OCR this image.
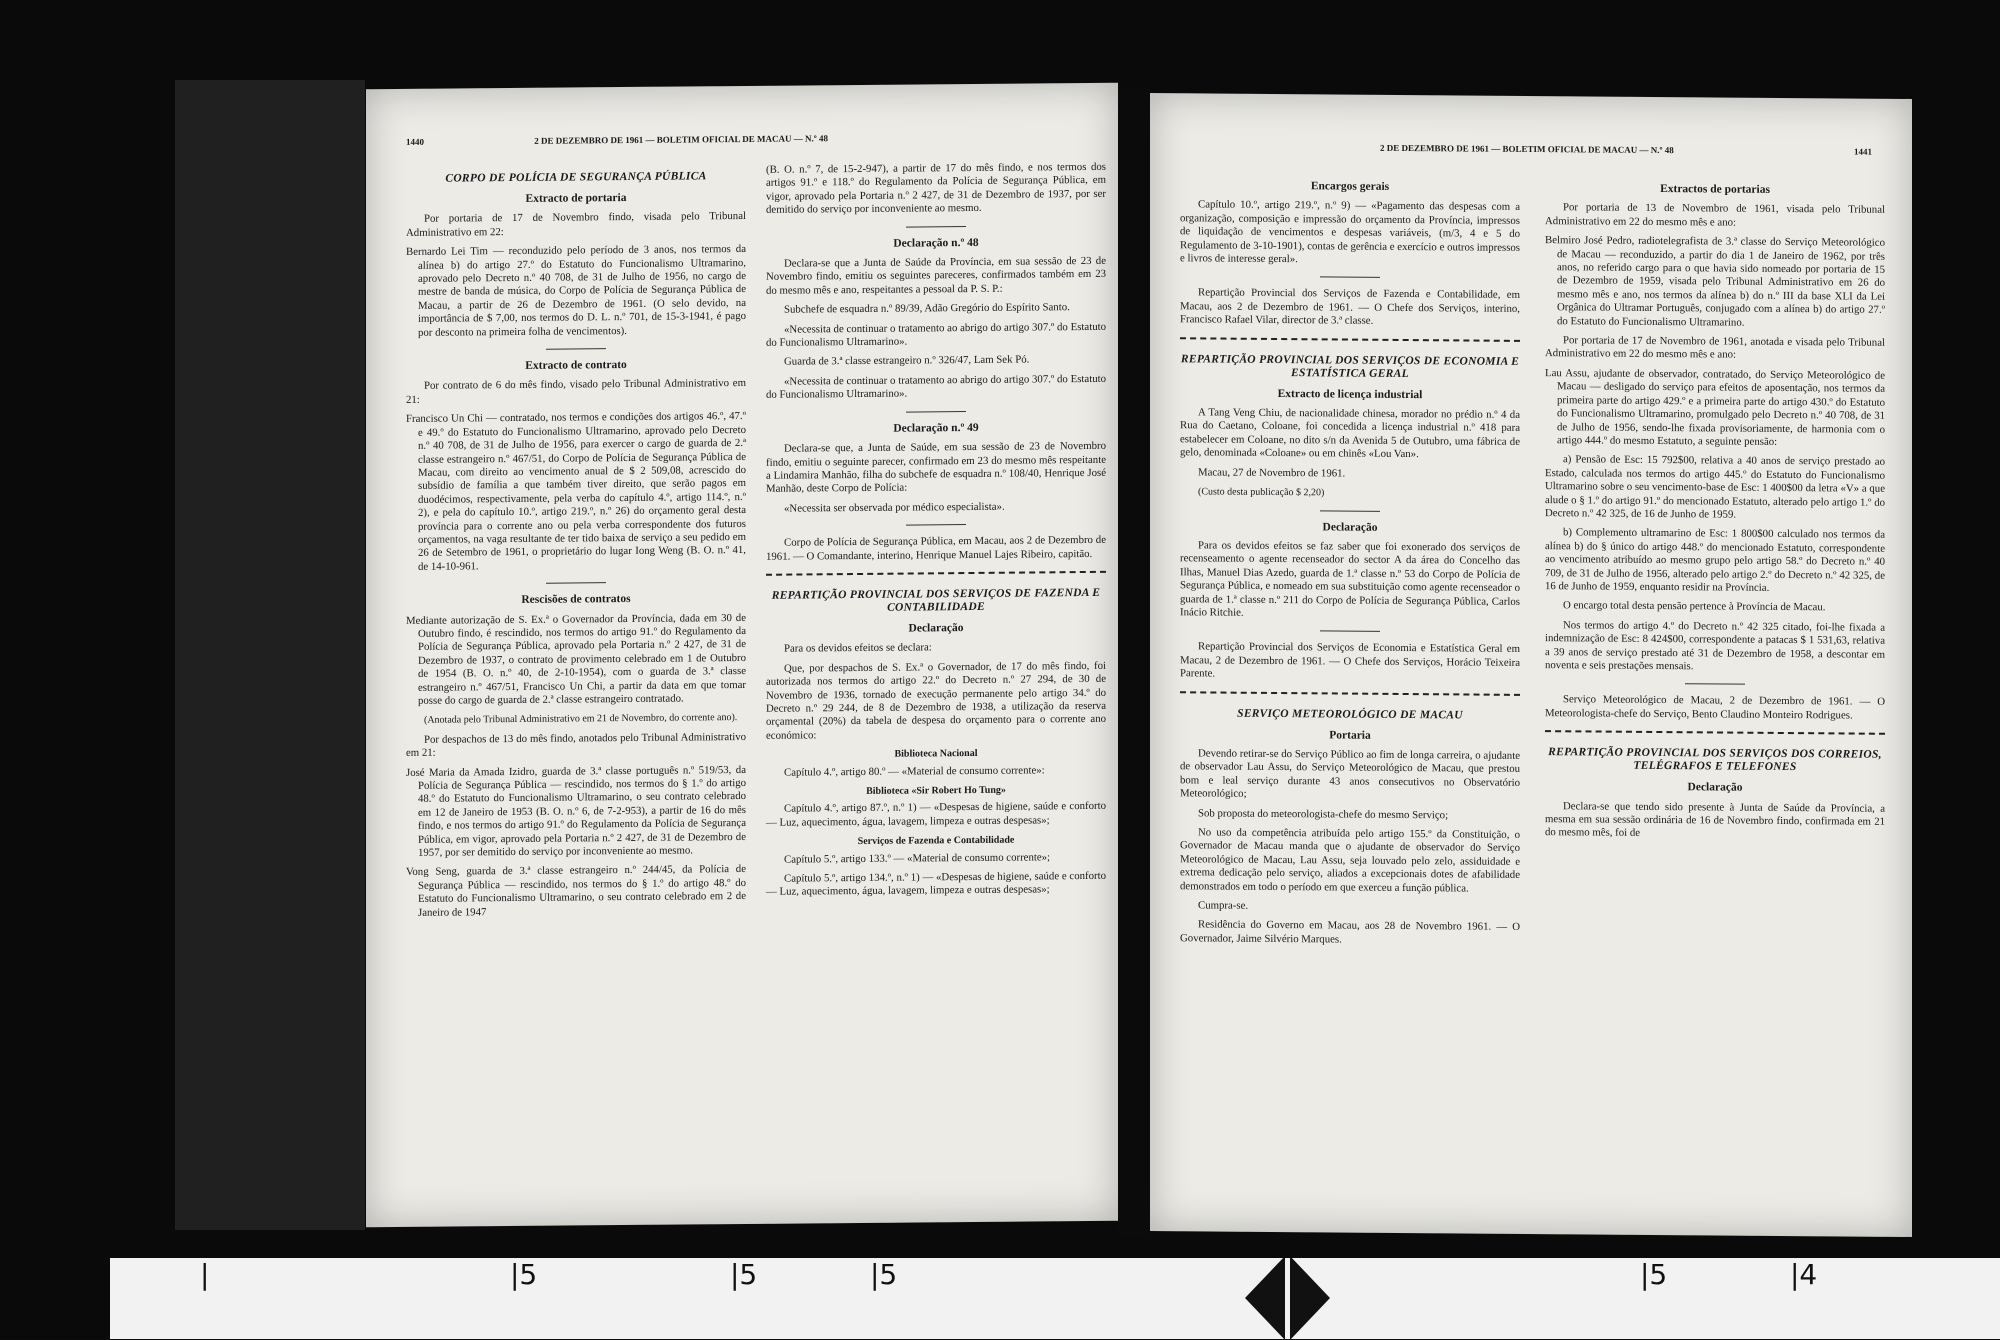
1440	2 DE DEZEMBRO DE 1961 — BOLETIM OFICIAL DE MACAU — N.º 48
CORPO DE POLÍCIA DE SEGURANÇA PÚBLICA
Extracto de portaria

Por portaria de 17 de Novembro findo, visada pelo Tribunal Administrativo em 22:

Bernardo Lei Tim — reconduzido pelo período de 3 anos, nos termos da alínea b) do artigo 27.º do Estatuto do Funcionalismo Ultramarino, aprovado pelo Decreto n.º 40 708, de 31 de Julho de 1956, no cargo de mestre de banda de música, do Corpo de Polícia de Segurança Pública de Macau, a partir de 26 de Dezembro de 1961. (O selo devido, na importância de $ 7,00, nos termos do D. L. n.º 701, de 15-3-1941, é pago por desconto na primeira folha de vencimentos).

Extracto de contrato

Por contrato de 6 do mês findo, visado pelo Tribunal Administrativo em 21:

Francisco Un Chi — contratado, nos termos e condições dos artigos 46.º, 47.º e 49.º do Estatuto do Funcionalismo Ultramarino, aprovado pelo Decreto n.º 40 708, de 31 de Julho de 1956, para exercer o cargo de guarda de 2.ª classe estrangeiro n.º 467/51, do Corpo de Polícia de Segurança Pública de Macau, com direito ao vencimento anual de $ 2 509,08, acrescido do subsídio de família a que também tiver direito, que serão pagos em duodécimos, respectivamente, pela verba do capítulo 4.º, artigo 114.º, n.º 2), e pela do capítulo 10.º, artigo 219.º, n.º 26) do orçamento geral desta província para o corrente ano ou pela verba correspondente dos futuros orçamentos, na vaga resultante de ter tido baixa de serviço a seu pedido em 26 de Setembro de 1961, o proprietário do lugar Iong Weng (B. O. n.º 41, de 14-10-961.

Rescisões de contratos

Mediante autorização de S. Ex.ª o Governador da Província, dada em 30 de Outubro findo, é rescindido, nos termos do artigo 91.º do Regulamento da Polícia de Segurança Pública, aprovado pela Portaria n.º 2 427, de 31 de Dezembro de 1937, o contrato de provimento celebrado em 1 de Outubro de 1954 (B. O. n.º 40, de 2-10-1954), com o guarda de 3.ª classe estrangeiro n.º 467/51, Francisco Un Chi, a partir da data em que tomar posse do cargo de guarda de 2.ª classe estrangeiro contratado.

(Anotada pelo Tribunal Administrativo em 21 de Novembro, do corrente ano).

Por despachos de 13 do mês findo, anotados pelo Tribunal Administrativo em 21:

José Maria da Amada Izidro, guarda de 3.ª classe português n.º 519/53, da Polícia de Segurança Pública — rescindido, nos termos do § 1.º do artigo 48.º do Estatuto do Funcionalismo Ultramarino, o seu contrato celebrado em 12 de Janeiro de 1953 (B. O. n.º 6, de 7-2-953), a partir de 16 do mês findo, e nos termos do artigo 91.º do Regulamento da Polícia de Segurança Pública, em vigor, aprovado pela Portaria n.º 2 427, de 31 de Dezembro de 1957, por ser demitido do serviço por inconveniente ao mesmo.

Vong Seng, guarda de 3.ª classe estrangeiro n.º 244/45, da Polícia de Segurança Pública — rescindido, nos termos do § 1.º do artigo 48.º do Estatuto do Funcionalismo Ultramarino, o seu contrato celebrado em 2 de Janeiro de 1947

(B. O. n.º 7, de 15-2-947), a partir de 17 do mês findo, e nos termos dos artigos 91.º e 118.º do Regulamento da Polícia de Segurança Pública, em vigor, aprovado pela Portaria n.º 2 427, de 31 de Dezembro de 1937, por ser demitido do serviço por inconveniente ao mesmo.

Declaração n.º 48

Declara-se que a Junta de Saúde da Província, em sua sessão de 23 de Novembro findo, emitiu os seguintes pareceres, confirmados também em 23 do mesmo mês e ano, respeitantes a pessoal da P. S. P.:

Subchefe de esquadra n.º 89/39, Adão Gregório do Espírito Santo.

«Necessita de continuar o tratamento ao abrigo do artigo 307.º do Estatuto do Funcionalismo Ultramarino».

Guarda de 3.ª classe estrangeiro n.º 326/47, Lam Sek Pó.

«Necessita de continuar o tratamento ao abrigo do artigo 307.º do Estatuto do Funcionalismo Ultramarino».

Declaração n.º 49

Declara-se que, a Junta de Saúde, em sua sessão de 23 de Novembro findo, emitiu o seguinte parecer, confirmado em 23 do mesmo mês respeitante a Lindamira Manhão, filha do subchefe de esquadra n.º 108/40, Henrique José Manhão, deste Corpo de Polícia:

«Necessita ser observada por médico especialista».

Corpo de Polícia de Segurança Pública, em Macau, aos 2 de Dezembro de 1961. — O Comandante, interino, Henrique Manuel Lajes Ribeiro, capitão.

REPARTIÇÃO PROVINCIAL DOS SERVIÇOS DE FAZENDA E CONTABILIDADE
Declaração

Para os devidos efeitos se declara:

Que, por despachos de S. Ex.ª o Governador, de 17 do mês findo, foi autorizada nos termos do artigo 22.º do Decreto n.º 27 294, de 30 de Novembro de 1936, tornado de execução permanente pelo artigo 34.º do Decreto n.º 29 244, de 8 de Dezembro de 1938, a utilização da reserva orçamental (20%) da tabela de despesa do orçamento para o corrente ano económico:

Biblioteca Nacional

Capítulo 4.º, artigo 80.º — «Material de consumo corrente»:

Biblioteca «Sir Robert Ho Tung»

Capítulo 4.º, artigo 87.º, n.º 1) — «Despesas de higiene, saúde e conforto — Luz, aquecimento, água, lavagem, limpeza e outras despesas»;

Serviços de Fazenda e Contabilidade

Capítulo 5.º, artigo 133.º — «Material de consumo corrente»;

Capítulo 5.º, artigo 134.º, n.º 1) — «Despesas de higiene, saúde e conforto — Luz, aquecimento, água, lavagem, limpeza e outras despesas»;

2 DE DEZEMBRO DE 1961 — BOLETIM OFICIAL DE MACAU — N.º 48	1441
Encargos gerais

Capítulo 10.º, artigo 219.º, n.º 9) — «Pagamento das despesas com a organização, composição e impressão do orçamento da Província, impressos de liquidação de vencimentos e despesas variáveis, (m/3, 4 e 5 do Regulamento de 3-10-1901), contas de gerência e exercício e outros impressos e livros de interesse geral».

Repartição Provincial dos Serviços de Fazenda e Contabilidade, em Macau, aos 2 de Dezembro de 1961. — O Chefe dos Serviços, interino, Francisco Rafael Vilar, director de 3.ª classe.

REPARTIÇÃO PROVINCIAL DOS SERVIÇOS DE ECONOMIA E ESTATÍSTICA GERAL
Extracto de licença industrial

A Tang Veng Chiu, de nacionalidade chinesa, morador no prédio n.º 4 da Rua do Caetano, Coloane, foi concedida a licença industrial n.º 418 para estabelecer em Coloane, no dito s/n da Avenida 5 de Outubro, uma fábrica de gelo, denominada «Coloane» ou em chinês «Lou Van».

Macau, 27 de Novembro de 1961.

(Custo desta publicação $ 2,20)

Declaração

Para os devidos efeitos se faz saber que foi exonerado dos serviços de recenseamento o agente recenseador do sector A da área do Concelho das Ilhas, Manuel Dias Azedo, guarda de 1.ª classe n.º 53 do Corpo de Polícia de Segurança Pública, e nomeado em sua substituição como agente recenseador o guarda de 1.ª classe n.º 211 do Corpo de Polícia de Segurança Pública, Carlos Inácio Ritchie.

Repartição Provincial dos Serviços de Economia e Estatística Geral em Macau, 2 de Dezembro de 1961. — O Chefe dos Serviços, Horácio Teixeira Parente.

SERVIÇO METEOROLÓGICO DE MACAU
Portaria

Devendo retirar-se do Serviço Público ao fim de longa carreira, o ajudante de observador Lau Assu, do Serviço Meteorológico de Macau, que prestou bom e leal serviço durante 43 anos consecutivos no Observatório Meteorológico;

Sob proposta do meteorologista-chefe do mesmo Serviço;

No uso da competência atribuída pelo artigo 155.º da Constituição, o Governador de Macau manda que o ajudante de observador do Serviço Meteorológico de Macau, Lau Assu, seja louvado pelo zelo, assiduidade e extrema dedicação pelo serviço, aliados a excepcionais dotes de afabilidade demonstrados em todo o período em que exerceu a função pública.

Cumpra-se.

Residência do Governo em Macau, aos 28 de Novembro 1961. — O Governador, Jaime Silvério Marques.

Extractos de portarias

Por portaria de 13 de Novembro de 1961, visada pelo Tribunal Administrativo em 22 do mesmo mês e ano:

Belmiro José Pedro, radiotelegrafista de 3.ª classe do Serviço Meteorológico de Macau — reconduzido, a partir do dia 1 de Janeiro de 1962, por três anos, no referido cargo para o que havia sido nomeado por portaria de 15 de Dezembro de 1959, visada pelo Tribunal Administrativo em 26 do mesmo mês e ano, nos termos da alínea b) do n.º III da base XLI da Lei Orgânica do Ultramar Português, conjugado com a alínea b) do artigo 27.º do Estatuto do Funcionalismo Ultramarino.

Por portaria de 17 de Novembro de 1961, anotada e visada pelo Tribunal Administrativo em 22 do mesmo mês e ano:

Lau Assu, ajudante de observador, contratado, do Serviço Meteorológico de Macau — desligado do serviço para efeitos de aposentação, nos termos da primeira parte do artigo 429.º e a primeira parte do artigo 430.º do Estatuto do Funcionalismo Ultramarino, promulgado pelo Decreto n.º 40 708, de 31 de Julho de 1956, sendo-lhe fixada provisoriamente, de harmonia com o artigo 444.º do mesmo Estatuto, a seguinte pensão:

a) Pensão de Esc: 15 792$00, relativa a 40 anos de serviço prestado ao Estado, calculada nos termos do artigo 445.º do Estatuto do Funcionalismo Ultramarino sobre o seu vencimento-base de Esc: 1 400$00 da letra «V» a que alude o § 1.º do artigo 91.º do mencionado Estatuto, alterado pelo artigo 1.º do Decreto n.º 42 325, de 16 de Junho de 1959.

b) Complemento ultramarino de Esc: 1 800$00 calculado nos termos da alínea b) do § único do artigo 448.º do mencionado Estatuto, correspondente ao vencimento atribuído ao mesmo grupo pelo artigo 58.º do Decreto n.º 40 709, de 31 de Julho de 1956, alterado pelo artigo 2.º do Decreto n.º 42 325, de 16 de Junho de 1959, enquanto residir na Província.

O encargo total desta pensão pertence à Província de Macau.

Nos termos do artigo 4.º do Decreto n.º 42 325 citado, foi-lhe fixada a indemnização de Esc: 8 424$00, correspondente a patacas $ 1 531,63, relativa a 39 anos de serviço prestado até 31 de Dezembro de 1958, a descontar em noventa e seis prestações mensais.

Serviço Meteorológico de Macau, 2 de Dezembro de 1961. — O Meteorologista-chefe do Serviço, Bento Claudino Monteiro Rodrigues.

REPARTIÇÃO PROVINCIAL DOS SERVIÇOS DOS CORREIOS, TELÉGRAFOS E TELEFONES
Declaração

Declara-se que tendo sido presente à Junta de Saúde da Província, a mesma em sua sessão ordinária de 16 de Novembro findo, confirmada em 21 do mesmo mês, foi de

|	|5	|5	|5	|5	|4
